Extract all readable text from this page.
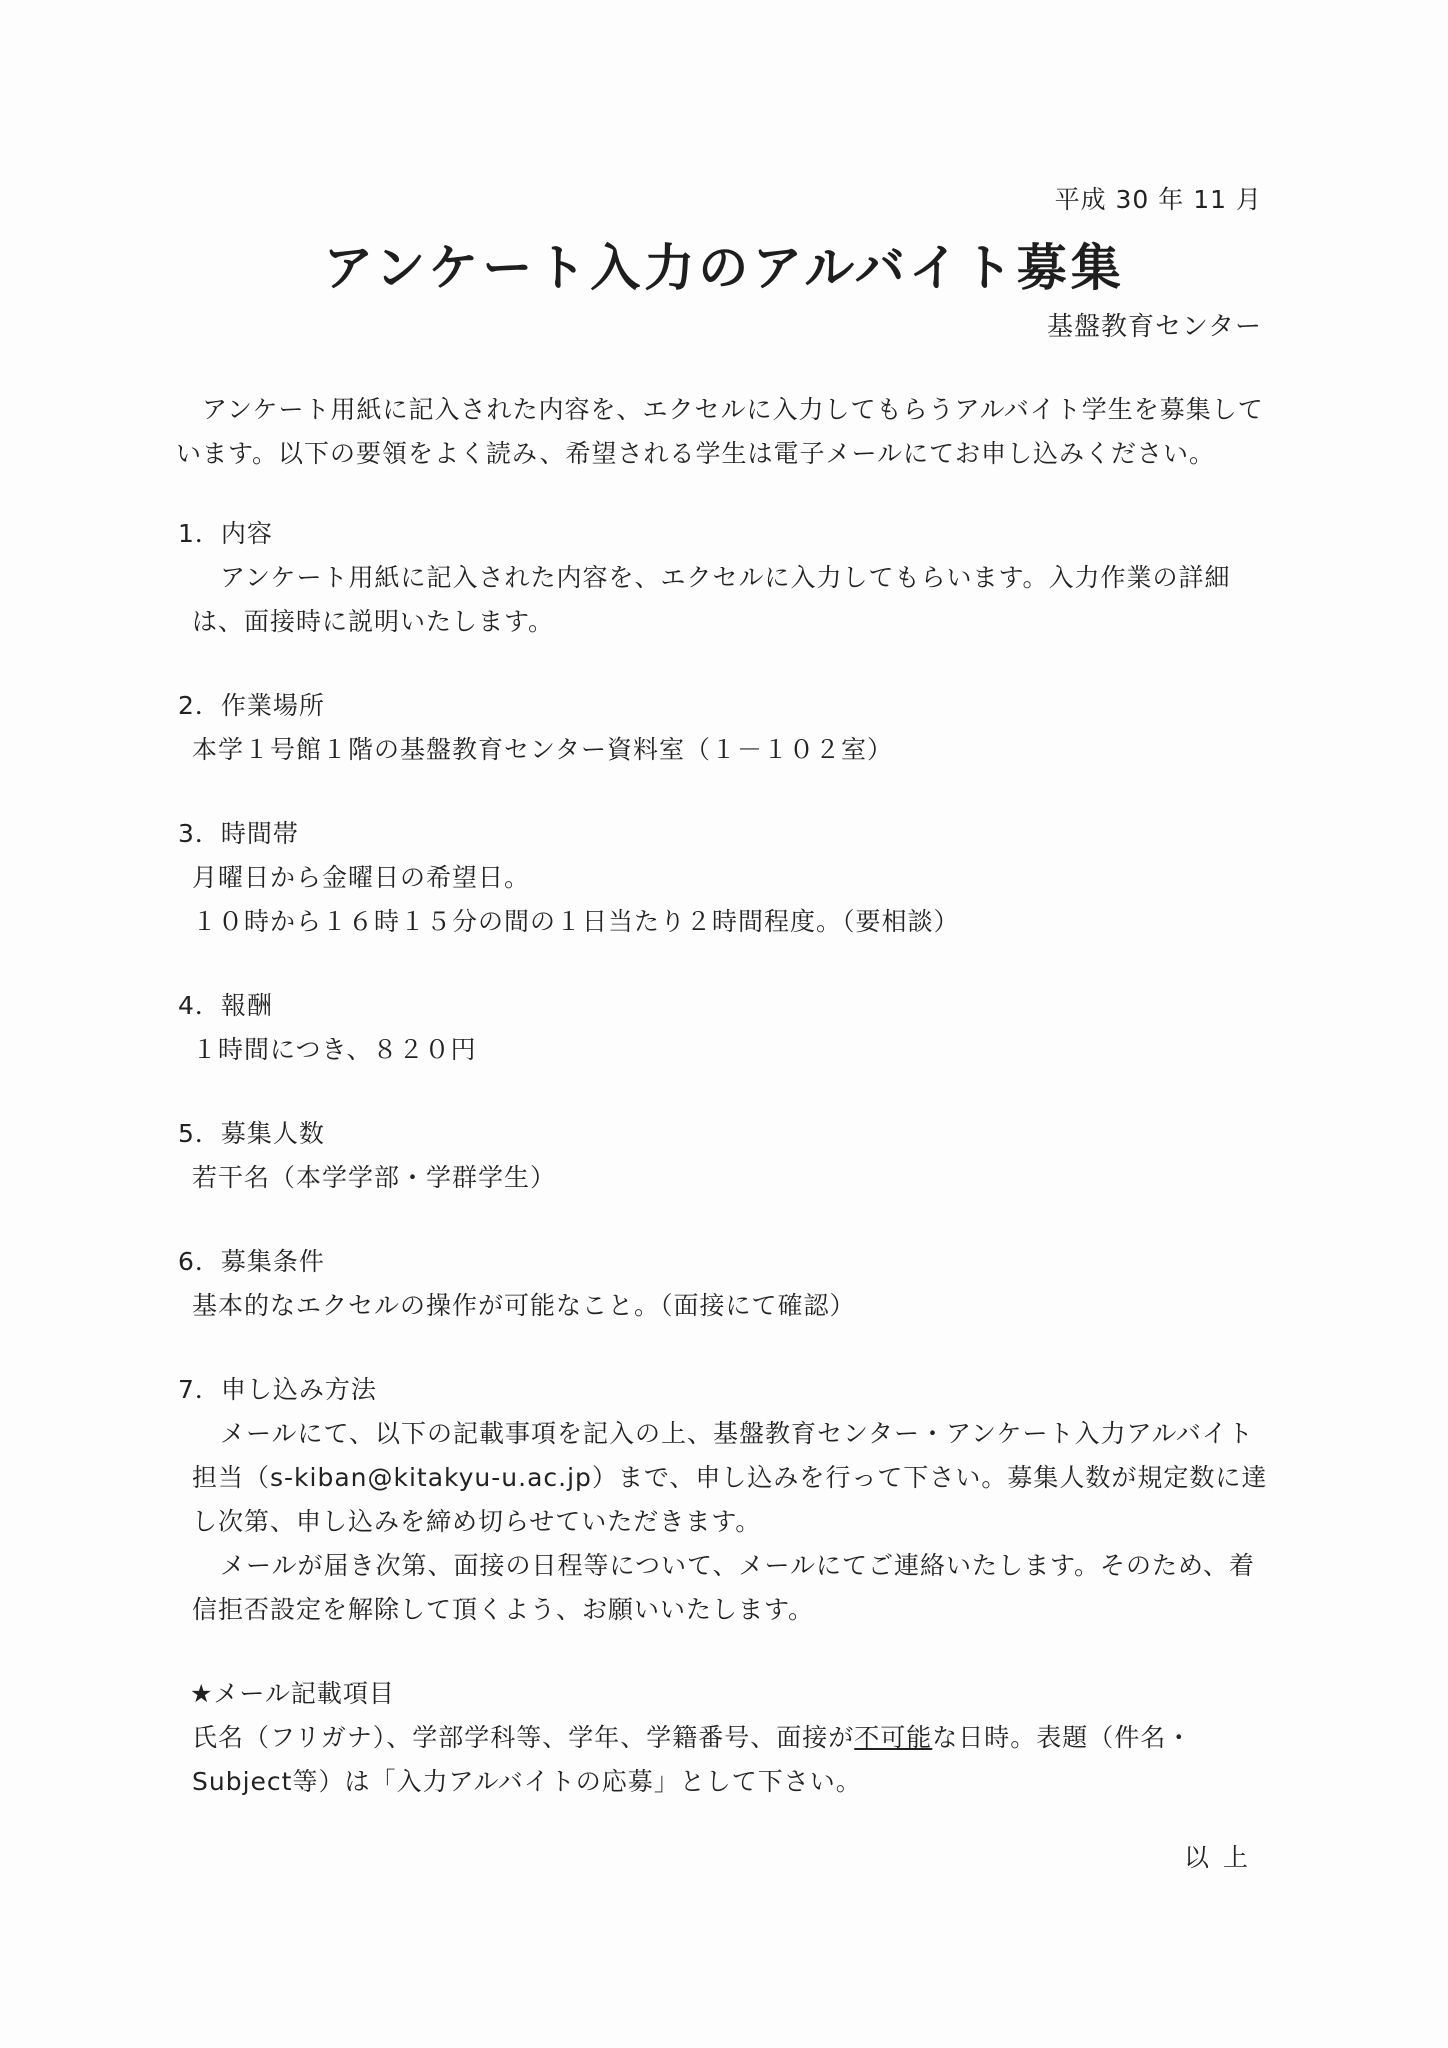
平成 30 年 11 月
アンケート入力のアルバイト募集
基盤教育センター

アンケート用紙に記入された内容を、エクセルに入力してもらうアルバイト学生を募集しています。以下の要領をよく読み、希望される学生は電子メールにてお申し込みください。

1．内容

アンケート用紙に記入された内容を、エクセルに入力してもらいます。入力作業の詳細は、面接時に説明いたします。

2．作業場所

本学１号館１階の基盤教育センター資料室（１－１０２室）

3．時間帯

月曜日から金曜日の希望日。

１０時から１６時１５分の間の１日当たり２時間程度。（要相談）

4．報酬

１時間につき、８２０円

5．募集人数

若干名（本学学部・学群学生）

6．募集条件

基本的なエクセルの操作が可能なこと。（面接にて確認）

7．申し込み方法

メールにて、以下の記載事項を記入の上、基盤教育センター・アンケート入力アルバイト担当（s-kiban@kitakyu-u.ac.jp）まで、申し込みを行って下さい。募集人数が規定数に達し次第、申し込みを締め切らせていただきます。

メールが届き次第、面接の日程等について、メールにてご連絡いたします。そのため、着信拒否設定を解除して頂くよう、お願いいたします。

★メール記載項目

氏名（フリガナ）、学部学科等、学年、学籍番号、面接が不可能な日時。表題（件名・Subject等）は「入力アルバイトの応募」として下さい。

以上
